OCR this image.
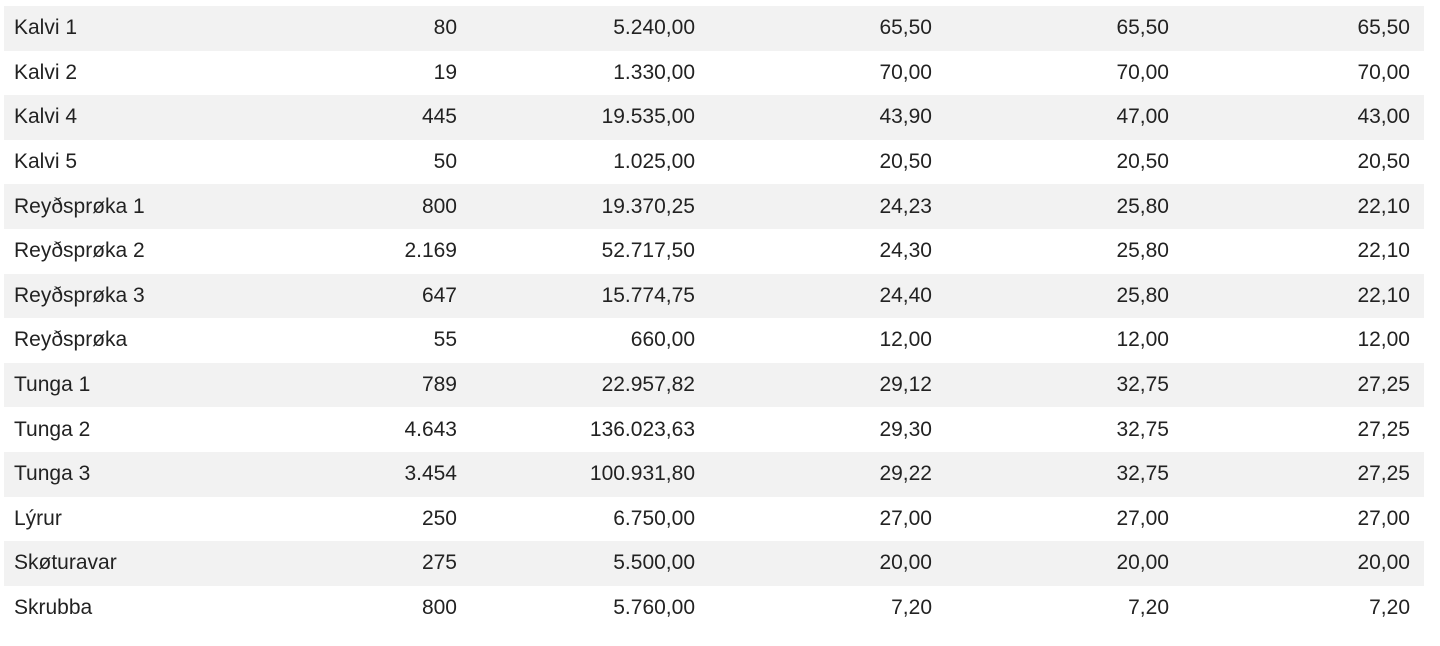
Kalvi 1	80	5.240,00	65,50	65,50	65,50
Kalvi 2	19	1.330,00	70,00	70,00	70,00
Kalvi 4	445	19.535,00	43,90	47,00	43,00
Kalvi 5	50	1.025,00	20,50	20,50	20,50
Reyðsprøka 1	800	19.370,25	24,23	25,80	22,10
Reyðsprøka 2	2.169	52.717,50	24,30	25,80	22,10
Reyðsprøka 3	647	15.774,75	24,40	25,80	22,10
Reyðsprøka	55	660,00	12,00	12,00	12,00
Tunga 1	789	22.957,82	29,12	32,75	27,25
Tunga 2	4.643	136.023,63	29,30	32,75	27,25
Tunga 3	3.454	100.931,80	29,22	32,75	27,25
Lýrur	250	6.750,00	27,00	27,00	27,00
Skøturavar	275	5.500,00	20,00	20,00	20,00
Skrubba	800	5.760,00	7,20	7,20	7,20
